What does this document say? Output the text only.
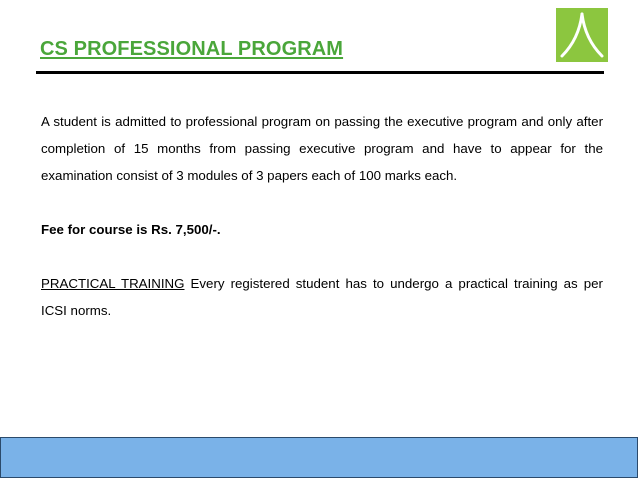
CS PROFESSIONAL PROGRAM

A student is admitted to professional program on passing the executive program and only after completion of 15 months from passing executive program and have to appear for the examination consist of 3 modules of 3 papers each of 100 marks each.

Fee for course is Rs. 7,500/-.

PRACTICAL TRAINING Every registered student has to undergo a practical training as per ICSI norms.
